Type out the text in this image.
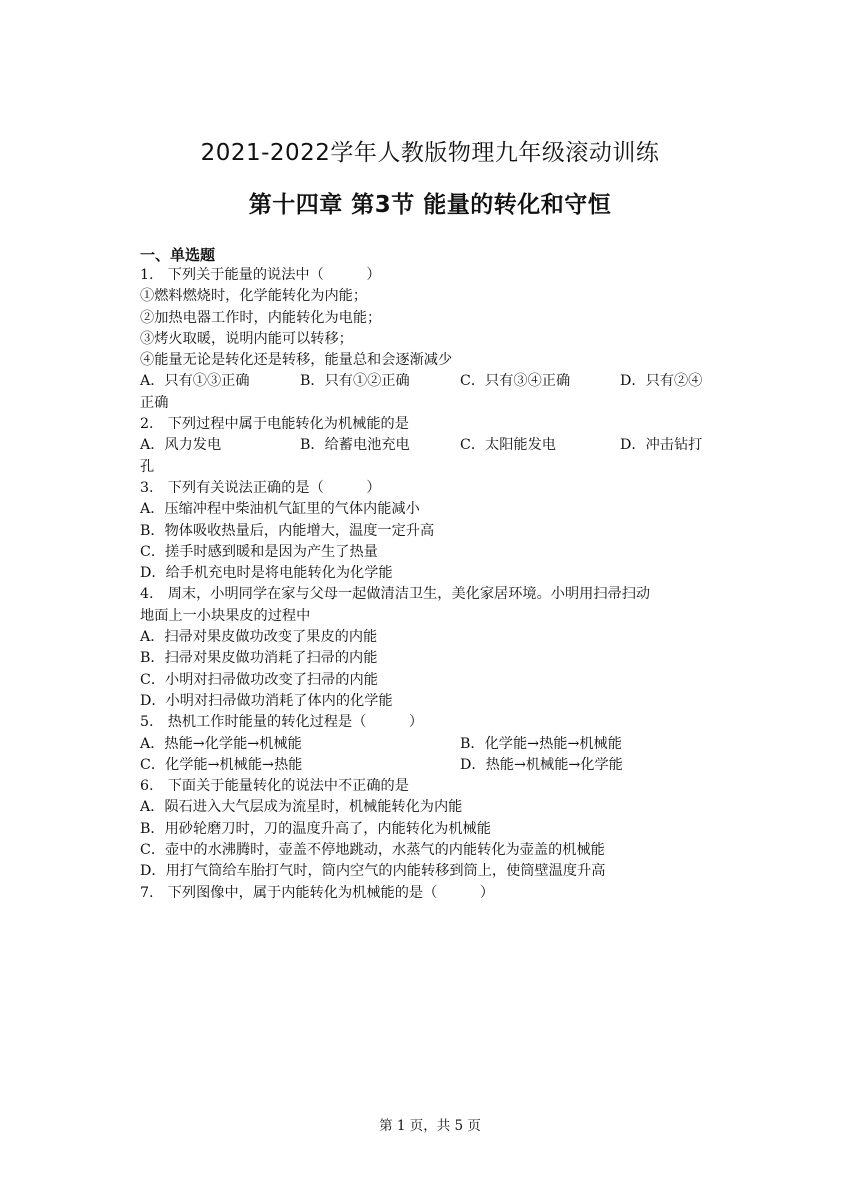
2021-2022学年人教版物理九年级滚动训练
第十四章 第3节 能量的转化和守恒
一、单选题
1.　下列关于能量的说法中（　　　）
①燃料燃烧时，化学能转化为内能；
②加热电器工作时，内能转化为电能；
③烤火取暖，说明内能可以转移；
④能量无论是转化还是转移，能量总和会逐渐减少
A．只有①③正确	B．只有①②正确	C．只有③④正确	D．只有②④
正确
2.　下列过程中属于电能转化为机械能的是
A．风力发电	B．给蓄电池充电	C．太阳能发电	D．冲击钻打
孔
3.　下列有关说法正确的是（　　　）
A．压缩冲程中柴油机气缸里的气体内能减小
B．物体吸收热量后，内能增大，温度一定升高
C．搓手时感到暖和是因为产生了热量
D．给手机充电时是将电能转化为化学能
4.　周末，小明同学在家与父母一起做清洁卫生，美化家居环境。小明用扫帚扫动
地面上一小块果皮的过程中
A．扫帚对果皮做功改变了果皮的内能
B．扫帚对果皮做功消耗了扫帚的内能
C．小明对扫帚做功改变了扫帚的内能
D．小明对扫帚做功消耗了体内的化学能
5.　热机工作时能量的转化过程是（　　　）
A．热能→化学能→机械能	B．化学能→热能→机械能
C．化学能→机械能→热能	D．热能→机械能→化学能
6.　下面关于能量转化的说法中不正确的是
A．陨石进入大气层成为流星时，机械能转化为内能
B．用砂轮磨刀时，刀的温度升高了，内能转化为机械能
C．壶中的水沸腾时，壶盖不停地跳动，水蒸气的内能转化为壶盖的机械能
D．用打气筒给车胎打气时，筒内空气的内能转移到筒上，使筒壁温度升高
7.　下列图像中，属于内能转化为机械能的是（　　　）
第 1 页，共 5 页
